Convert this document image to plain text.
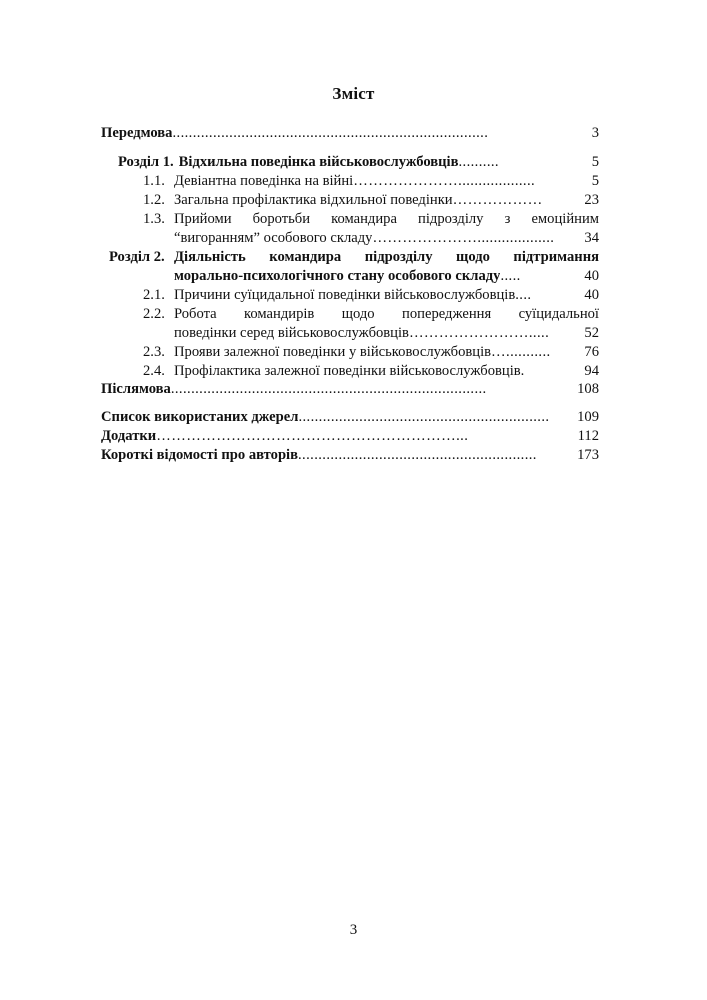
Зміст
Передмова ..............................................................................	3
Розділ 1. Відхильна поведінка військовослужбовців ..........	5
1.1. Девіантна поведінка на війні …………………...................	5
1.2. Загальна профілактика відхильної поведінки ………………	23
1.3. Прийоми боротьби командира підрозділу з емоційним
“вигоранням” особового складу …………………...................	34
Розділ 2. Діяльність командира підрозділу щодо підтримання
морально-психологічного стану особового складу .....	40
2.1. Причини суїцидальної поведінки військовослужбовців ....	40
2.2. Робота командирів щодо попередження суїцидальної
поведінки серед військовослужбовців …………………….....	52
2.3. Прояви залежної поведінки у військовослужбовців …...........	76
2.4. Профілактика залежної поведінки військовослужбовців.	94
Післямова ..............................................................................	108
Список використаних джерел ..............................................................	109
Додатки ……………………………………………………...	112
Короткі відомості про авторів ...........................................................	173
3
